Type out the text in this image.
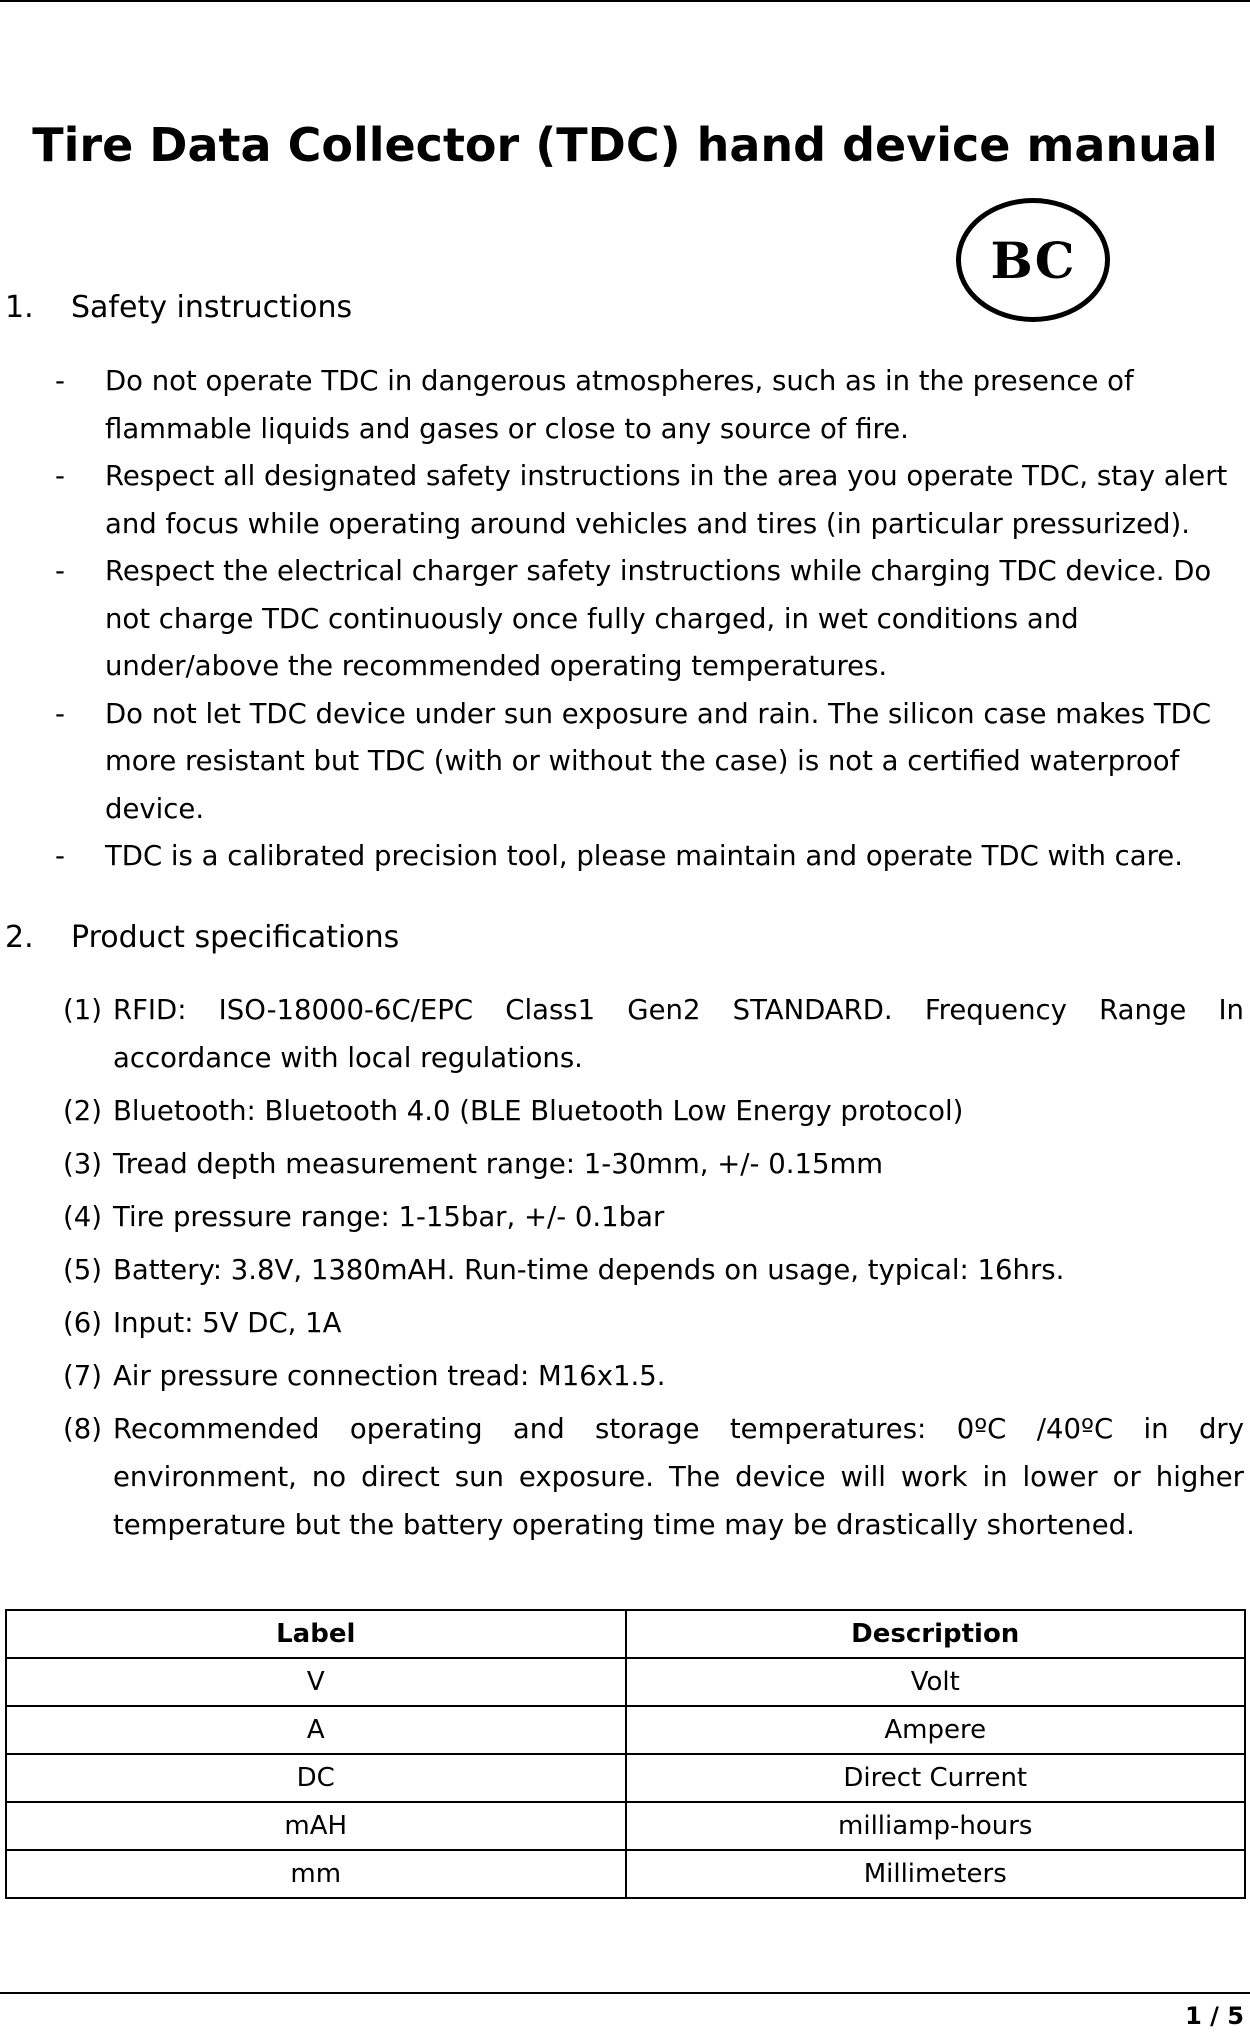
Tire Data Collector (TDC) hand device manual
BC
1. Safety instructions
- Do not operate TDC in dangerous atmospheres, such as in the presence of flammable liquids and gases or close to any source of fire.
- Respect all designated safety instructions in the area you operate TDC, stay alert and focus while operating around vehicles and tires (in particular pressurized).
- Respect the electrical charger safety instructions while charging TDC device. Do not charge TDC continuously once fully charged, in wet conditions and under/above the recommended operating temperatures.
- Do not let TDC device under sun exposure and rain. The silicon case makes TDC more resistant but TDC (with or without the case) is not a certified waterproof device.
- TDC is a calibrated precision tool, please maintain and operate TDC with care.
2. Product specifications
(1) RFID: ISO-18000-6C/EPC Class1 Gen2 STANDARD. Frequency Range In accordance with local regulations.
(2) Bluetooth: Bluetooth 4.0 (BLE Bluetooth Low Energy protocol)
(3) Tread depth measurement range: 1-30mm, +/- 0.15mm
(4) Tire pressure range: 1-15bar, +/- 0.1bar
(5) Battery: 3.8V, 1380mAH. Run-time depends on usage, typical: 16hrs.
(6) Input: 5V DC, 1A
(7) Air pressure connection tread: M16x1.5.
(8) Recommended operating and storage temperatures: 0ºC /40ºC in dry environment, no direct sun exposure. The device will work in lower or higher temperature but the battery operating time may be drastically shortened.
Label	Description
V	Volt
A	Ampere
DC	Direct Current
mAH	milliamp-hours
mm	Millimeters
1 / 5
